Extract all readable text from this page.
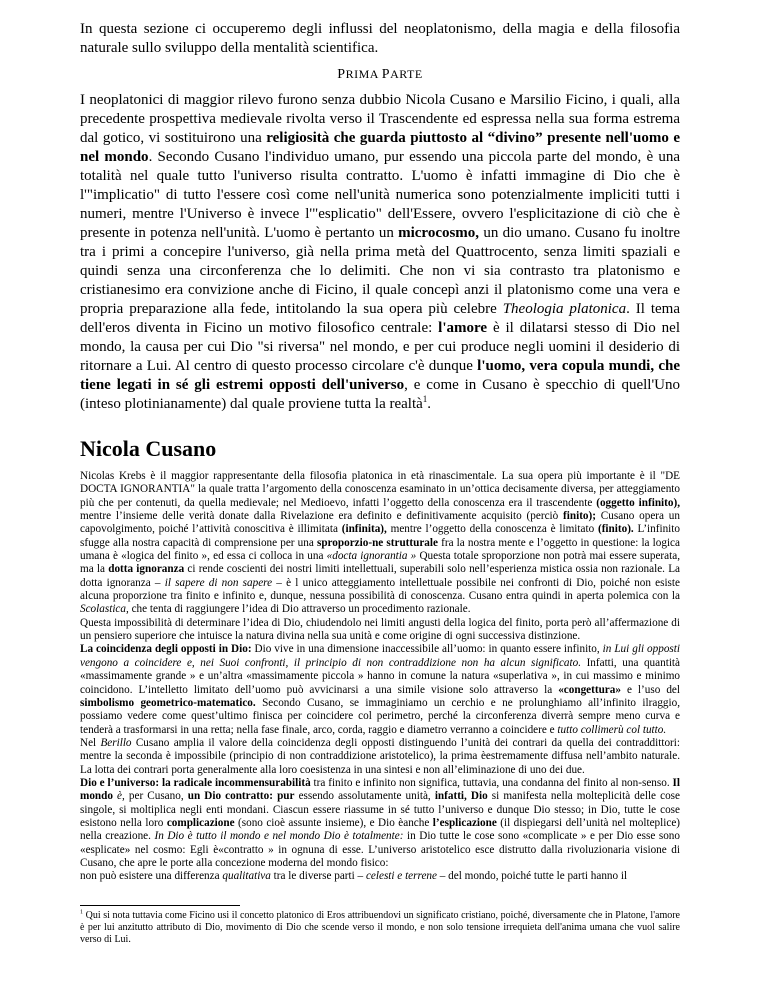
In questa sezione ci occuperemo degli influssi del neoplatonismo, della magia e della filosofia naturale sullo sviluppo della mentalità scientifica.

PRIMA PARTE

I neoplatonici di maggior rilevo furono senza dubbio Nicola Cusano e Marsilio Ficino, i quali, alla precedente prospettiva medievale rivolta verso il Trascendente ed espressa nella sua forma estrema dal gotico, vi sostituirono una religiosità che guarda piuttosto al “divino” presente nell'uomo e nel mondo. Secondo Cusano l'individuo umano, pur essendo una piccola parte del mondo, è una totalità nel quale tutto l'universo risulta contratto. L'uomo è infatti immagine di Dio che è l'"implicatio" di tutto l'essere così come nell'unità numerica sono potenzialmente impliciti tutti i numeri, mentre l'Universo è invece l'"esplicatio" dell'Essere, ovvero l'esplicitazione di ciò che è presente in potenza nell'unità. L'uomo è pertanto un microcosmo, un dio umano. Cusano fu inoltre tra i primi a concepire l'universo, già nella prima metà del Quattrocento, senza limiti spaziali e quindi senza una circonferenza che lo delimiti. Che non vi sia contrasto tra platonismo e cristianesimo era convizione anche di Ficino, il quale concepì anzi il platonismo come una vera e propria preparazione alla fede, intitolando la sua opera più celebre Theologia platonica. Il tema dell'eros diventa in Ficino un motivo filosofico centrale: l'amore è il dilatarsi stesso di Dio nel mondo, la causa per cui Dio "si riversa" nel mondo, e per cui produce negli uomini il desiderio di ritornare a Lui. Al centro di questo processo circolare c'è dunque l'uomo, vera copula mundi, che tiene legati in sé gli estremi opposti dell'universo, e come in Cusano è specchio di quell'Uno (inteso plotinianamente) dal quale proviene tutta la realtà$^1$.

Nicola Cusano

Nicolas Krebs è il maggior rappresentante della filosofia platonica in età rinascimentale. La sua opera più importante è il "DE DOCTA IGNORANTIA" la quale tratta l’argomento della conoscenza esaminato in un’ottica decisamente diversa, per atteggiamento più che per contenuti, da quella medievale; nel Medioevo, infatti l’oggetto della conoscenza era il trascendente (oggetto infinito), mentre l’insieme delle verità donate dalla Rivelazione era definito e definitivamente acquisito (perciò finito); Cusano opera un capovolgimento, poiché l’attività conoscitiva è illimitata (infinita), mentre l’oggetto della conoscenza è limitato (finito). L’infinito sfugge alla nostra capacità di comprensione per una sproporzio-ne strutturale fra la nostra mente e l’oggetto in questione: la logica umana è «logica del finito », ed essa ci colloca in una «docta ignorantia » Questa totale sproporzione non potrà mai essere superata, ma la dotta ignoranza ci rende coscienti dei nostri limiti intellettuali, superabili solo nell’esperienza mistica ossia non razionale. La dotta ignoranza – il sapere di non sapere – è l unico atteggiamento intellettuale possibile nei confronti di Dio, poiché non esiste alcuna proporzione tra finito e infinito e, dunque, nessuna possibilità di conoscenza. Cusano entra quindi in aperta polemica con la Scolastica, che tenta di raggiungere l’idea di Dio attraverso un procedimento razionale.

Questa impossibilità di determinare l’idea di Dio, chiudendolo nei limiti angusti della logica del finito, porta però all’affermazione di un pensiero superiore che intuisce la natura divina nella sua unità e come origine di ogni successiva distinzione.

La coincidenza degli opposti in Dio: Dio vive in una dimensione inaccessibile all’uomo: in quanto essere infinito, in Lui gli opposti vengono a coincidere e, nei Suoi confronti, il principio di non contraddizione non ha alcun significato. Infatti, una quantità «massimamente grande » e un’altra «massimamente piccola » hanno in comune la natura «superlativa », in cui massimo e minimo coincidono. L’intelletto limitato dell’uomo può avvicinarsi a una simile visione solo attraverso la «congettura» e l’uso del simbolismo geometrico-matematico. Secondo Cusano, se immaginiamo un cerchio e ne prolunghiamo all’infinito ilraggio, possiamo vedere come quest’ultimo finisca per coincidere col perimetro, perché la circonferenza diverrà sempre meno curva e tenderà a trasformarsi in una retta; nella fase finale, arco, corda, raggio e diametro verranno a coincidere e tutto collimerù col tutto.

Nel Berillo Cusano amplia il valore della coincidenza degli opposti distinguendo l’unità dei contrari da quella dei contraddittori: mentre la seconda è impossibile (principio di non contraddizione aristotelico), la prima èestremamente diffusa nell’ambito naturale. La lotta dei contrari porta generalmente alla loro coesistenza in una sintesi e non all’eliminazione di uno dei due.

Dio e l’universo: la radicale incommensurabilità tra finito e infinito non significa, tuttavia, una condanna del finito al non-senso. Il mondo è, per Cusano, un Dio contratto: pur essendo assolutamente unità, infatti, Dio si manifesta nella molteplicità delle cose singole, si moltiplica negli enti mondani. Ciascun essere riassume in sé tutto l’universo e dunque Dio stesso; in Dio, tutte le cose esistono nella loro complicazione (sono cioè assunte insieme), e Dio èanche l’esplicazione (il dispiegarsi dell’unità nel molteplice) nella creazione. In Dio è tutto il mondo e nel mondo Dio è totalmente: in Dio tutte le cose sono «complicate » e per Dio esse sono «esplicate» nel cosmo: Egli è«contratto » in ognuna di esse. L’universo aristotelico esce distrutto dalla rivoluzionaria visione di Cusano, che apre le porte alla concezione moderna del mondo fisico:

non può esistere una differenza qualitativa tra le diverse parti – celesti e terrene – del mondo, poiché tutte le parti hanno il

$^1$ Qui si nota tuttavia come Ficino usi il concetto platonico di Eros attribuendovi un significato cristiano, poiché, diversamente che in Platone, l'amore è per lui anzitutto attributo di Dio, movimento di Dio che scende verso il mondo, e non solo tensione irrequieta dell'anima umana che vuol salire verso di Lui.
